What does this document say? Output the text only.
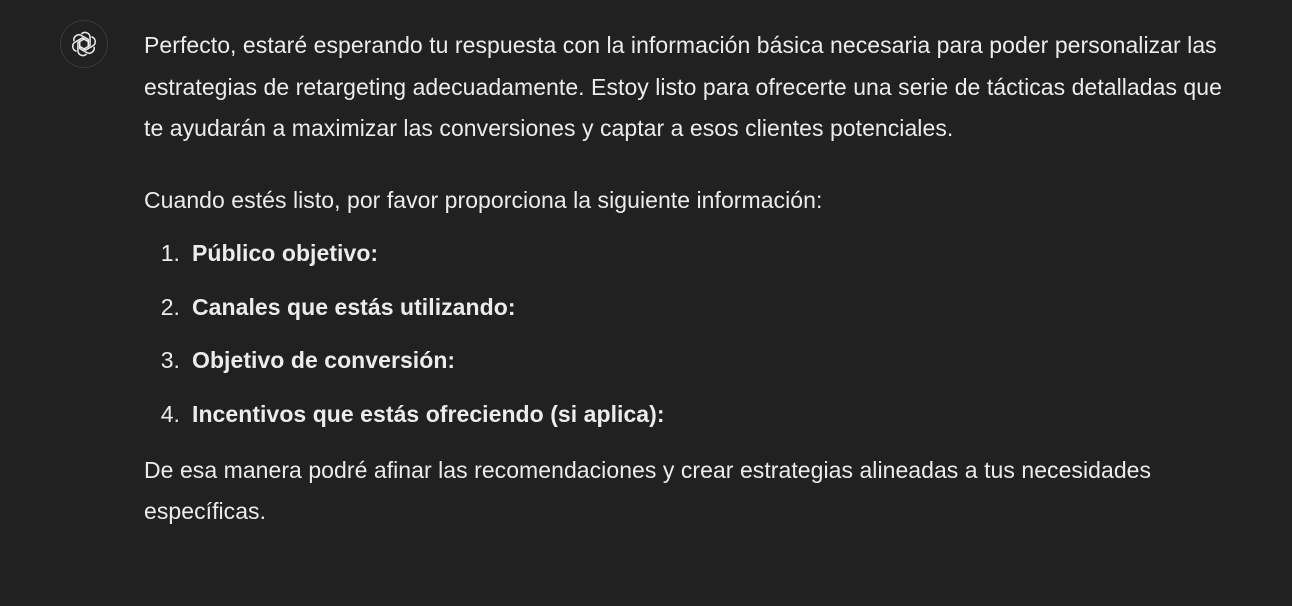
Perfecto, estaré esperando tu respuesta con la información básica necesaria para poder personalizar las estrategias de retargeting adecuadamente. Estoy listo para ofrecerte una serie de tácticas detalladas que te ayudarán a maximizar las conversiones y captar a esos clientes potenciales.

Cuando estés listo, por favor proporciona la siguiente información:

1. Público objetivo:
2. Canales que estás utilizando:
3. Objetivo de conversión:
4. Incentivos que estás ofreciendo (si aplica):

De esa manera podré afinar las recomendaciones y crear estrategias alineadas a tus necesidades específicas.
